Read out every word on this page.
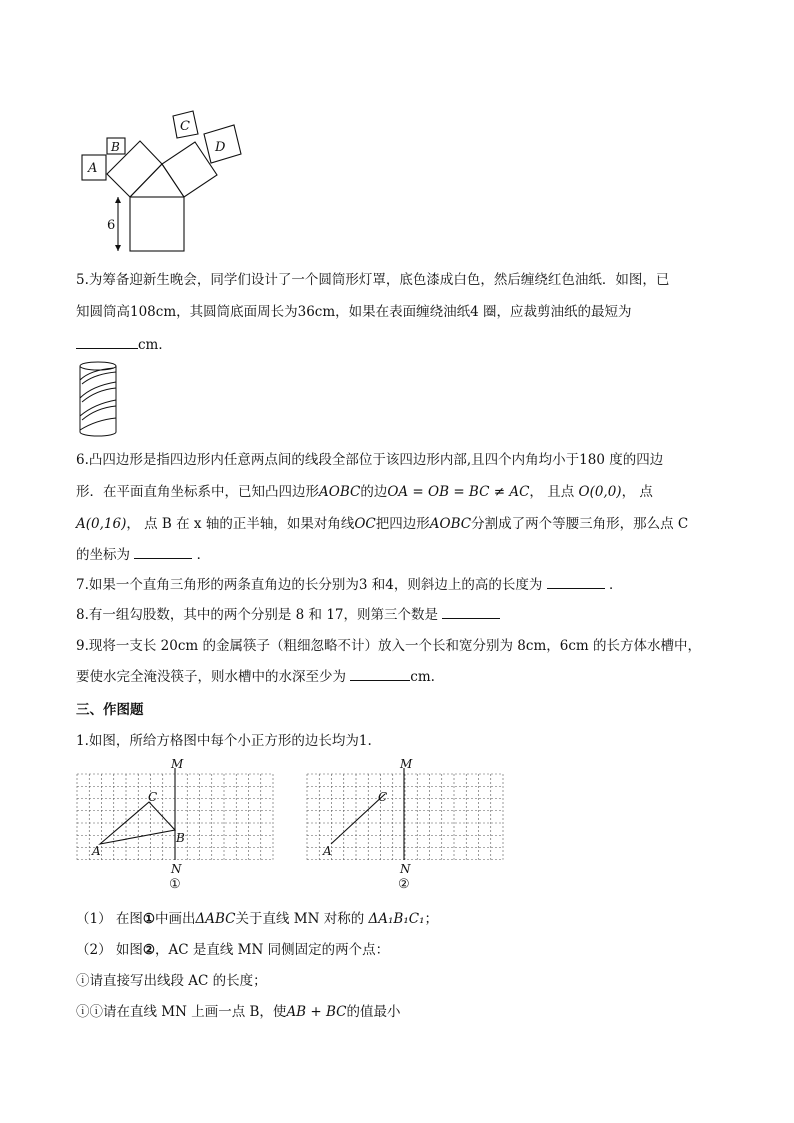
A
B
C
D
6
5.为筹备迎新生晚会，同学们设计了一个圆筒形灯罩，底色漆成白色，然后缠绕红色油纸．如图，已
知圆筒高108cm，其圆筒底面周长为36cm，如果在表面缠绕油纸4 圈，应裁剪油纸的最短为
cm．
6.凸四边形是指四边形内任意两点间的线段全部位于该四边形内部,且四个内角均小于180 度的四边
形．在平面直角坐标系中，已知凸四边形AOBC的边OA = OB = BC ≠ AC， 且点 O(0,0)， 点
A(0,16)， 点 B 在 x 轴的正半轴，如果对角线OC把四边形AOBC分割成了两个等腰三角形，那么点 C
的坐标为	．
7.如果一个直角三角形的两条直角边的长分别为3 和4，则斜边上的高的长度为	．
8.有一组勾股数，其中的两个分别是 8 和 17，则第三个数是
9.现将一支长 20cm 的金属筷子（粗细忽略不计）放入一个长和宽分别为 8cm，6cm 的长方体水槽中，
要使水完全淹没筷子，则水槽中的水深至少为	cm.
三、作图题
1.如图，所给方格图中每个小正方形的边长均为1.
M
N
A
B
C
①
M
N
A
C
②
（1） 在图①中画出ΔABC关于直线 MN 对称的 ΔA₁B₁C₁；
（2） 如图②，AC 是直线 MN 同侧固定的两个点：
ⓘ请直接写出线段 AC 的长度；
ⓘⓘ请在直线 MN 上画一点 B，使AB + BC的值最小
